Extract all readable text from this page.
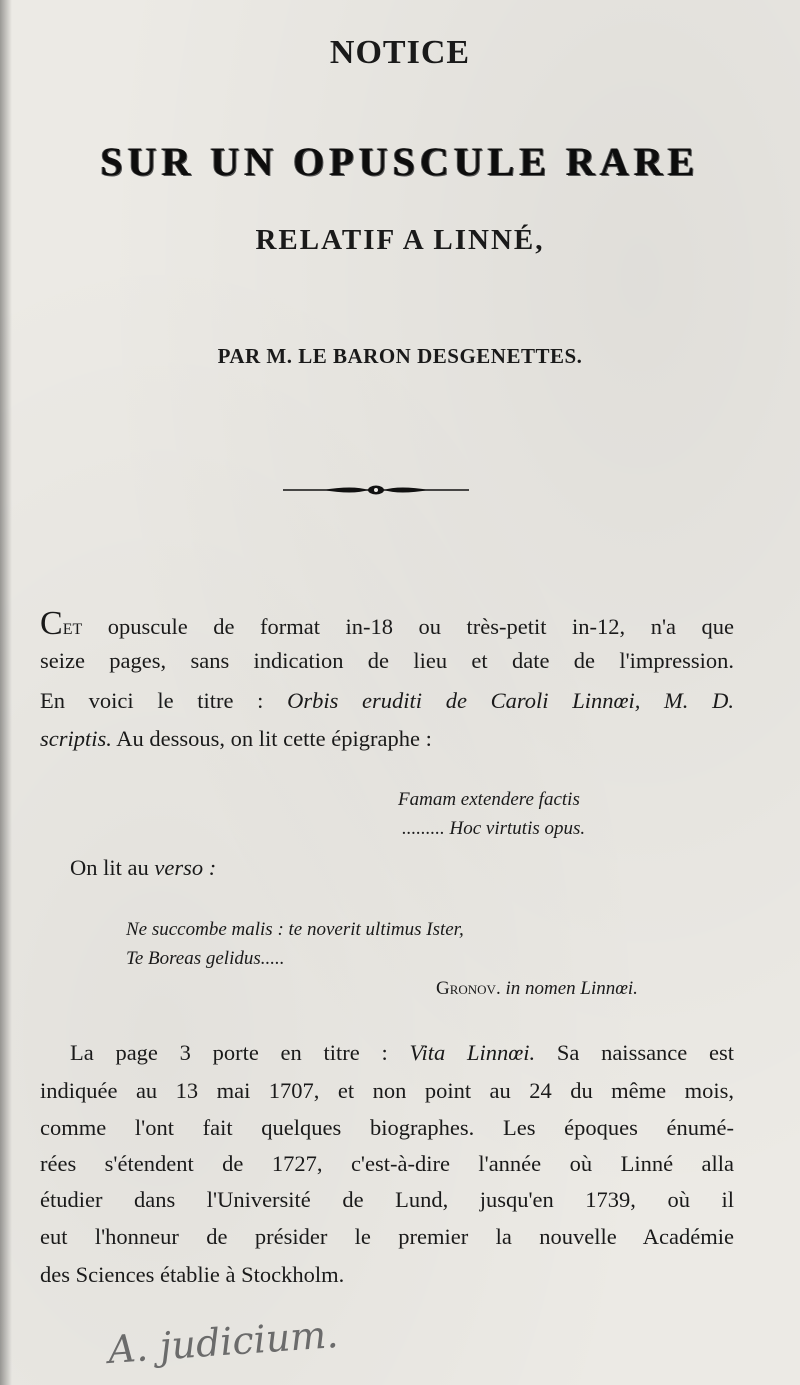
NOTICE
SUR UN OPUSCULE RARE
RELATIF A LINNÉ,
PAR M. LE BARON DESGENETTES.
Cet opuscule de format in-18 ou très-petit in-12, n'a que
seize pages, sans indication de lieu et date de l'impression.
En voici le titre : Orbis eruditi de Caroli Linnœi, M. D.
scriptis. Au dessous, on lit cette épigraphe :
Famam extendere factis
......... Hoc virtutis opus.
On lit au verso :
Ne succombe malis : te noverit ultimus Ister,
Te Boreas gelidus.....
Gronov. in nomen Linnœi.
La page 3 porte en titre : Vita Linnœi. Sa naissance est
indiquée au 13 mai 1707, et non point au 24 du même mois,
comme l'ont fait quelques biographes. Les époques énumé-
rées s'étendent de 1727, c'est-à-dire l'année où Linné alla
étudier dans l'Université de Lund, jusqu'en 1739, où il
eut l'honneur de présider le premier la nouvelle Académie
des Sciences établie à Stockholm.
A. judicium.
